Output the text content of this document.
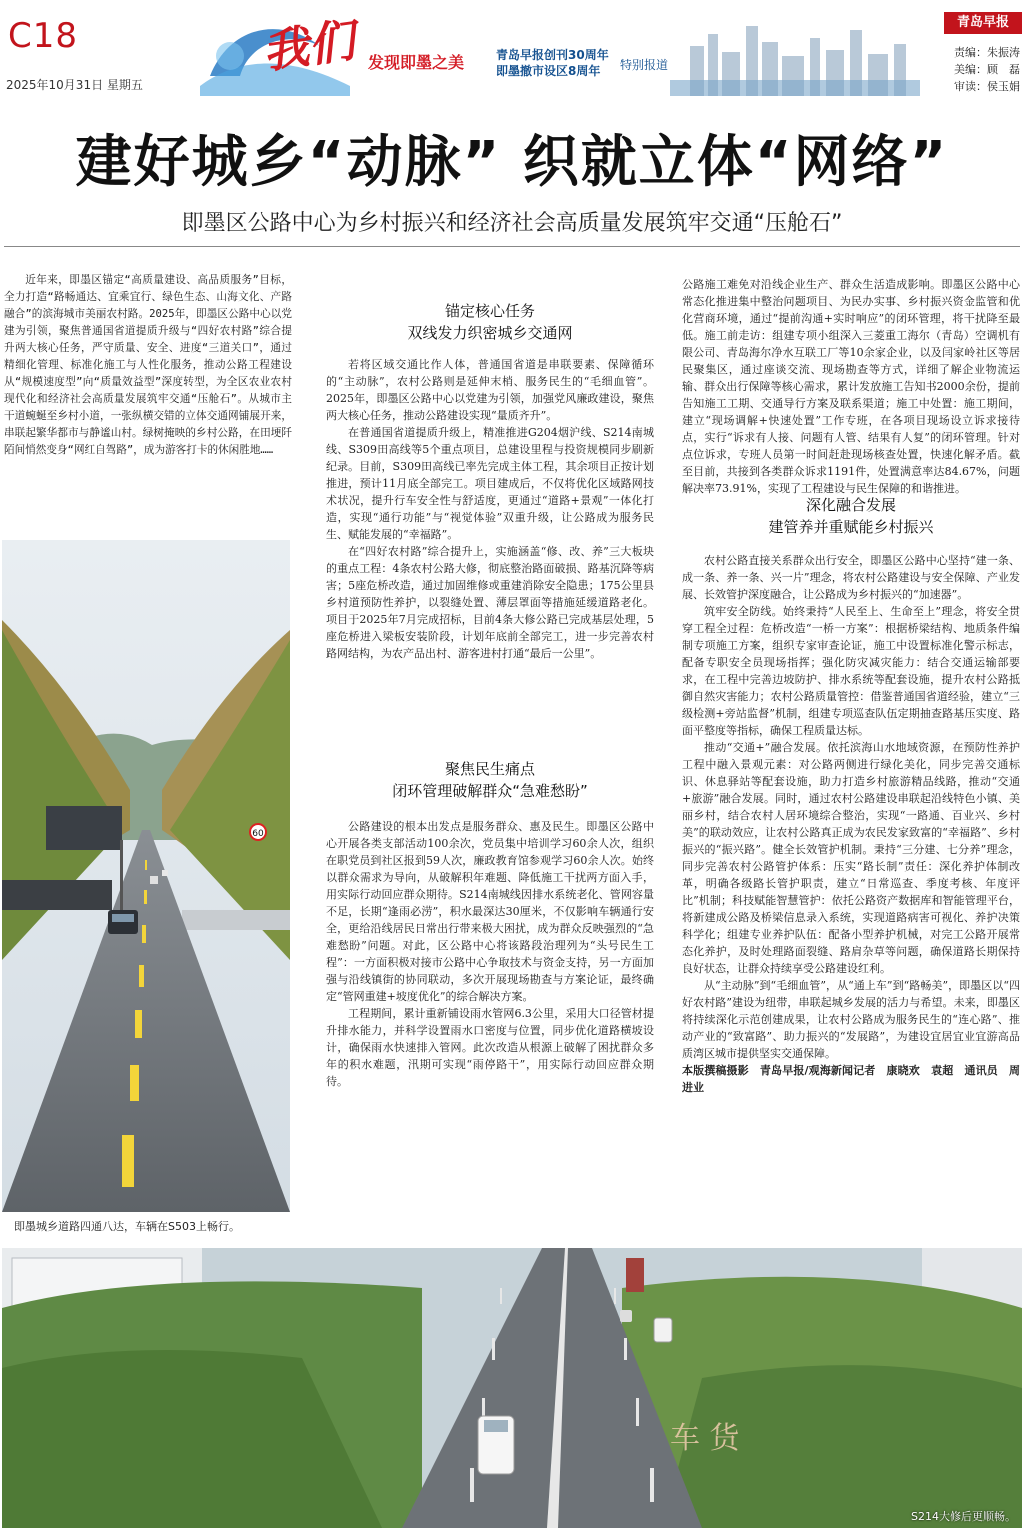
C18
2025年10月31日 星期五
我们 发现即墨之美	青岛早报创刊30周年
即墨撤市设区8周年 特别报道
青岛早报
责编：朱振涛
美编：顾　磊
审读：侯玉娟
建好城乡“动脉” 织就立体“网络”
即墨区公路中心为乡村振兴和经济社会高质量发展筑牢交通“压舱石”

近年来，即墨区锚定“高质量建设、高品质服务”目标，全力打造“路畅通达、宜乘宜行、绿色生态、山海文化、产路融合”的滨海城市美丽农村路。2025年，即墨区公路中心以党建为引领，聚焦普通国省道提质升级与“四好农村路”综合提升两大核心任务，严守质量、安全、进度“三道关口”，通过精细化管理、标准化施工与人性化服务，推动公路工程建设从“规模速度型”向“质量效益型”深度转型，为全区农业农村现代化和经济社会高质量发展筑牢交通“压舱石”。从城市主干道蜿蜒至乡村小道，一张纵横交错的立体交通网铺展开来，串联起繁华都市与静谧山村。绿树掩映的乡村公路，在田埂阡陌间悄然变身“网红自驾路”，成为游客打卡的休闲胜地……

60
即墨城乡道路四通八达，车辆在S503上畅行。
锚定核心任务
双线发力织密城乡交通网

若将区域交通比作人体，普通国省道是串联要素、保障循环的“主动脉”，农村公路则是延伸末梢、服务民生的“毛细血管”。2025年，即墨区公路中心以党建为引领，加强党风廉政建设，聚焦两大核心任务，推动公路建设实现“量质齐升”。

在普通国省道提质升级上，精准推进G204烟沪线、S214南城线、S309田高线等5个重点项目，总建设里程与投资规模同步刷新纪录。目前，S309田高线已率先完成主体工程，其余项目正按计划推进，预计11月底全部完工。项目建成后，不仅将优化区域路网技术状况，提升行车安全性与舒适度，更通过“道路+景观”一体化打造，实现“通行功能”与“视觉体验”双重升级，让公路成为服务民生、赋能发展的“幸福路”。

在“四好农村路”综合提升上，实施涵盖“修、改、养”三大板块的重点工程：4条农村公路大修，彻底整治路面破损、路基沉降等病害；5座危桥改造，通过加固维修或重建消除安全隐患；175公里县乡村道预防性养护，以裂缝处置、薄层罩面等措施延缓道路老化。项目于2025年7月完成招标，目前4条大修公路已完成基层处理，5座危桥进入梁板安装阶段，计划年底前全部完工，进一步完善农村路网结构，为农产品出村、游客进村打通“最后一公里”。

聚焦民生痛点
闭环管理破解群众“急难愁盼”

公路建设的根本出发点是服务群众、惠及民生。即墨区公路中心开展各类支部活动100余次，党员集中培训学习60余人次，组织在职党员到社区报到59人次，廉政教育馆参观学习60余人次。始终以群众需求为导向，从破解积年难题、降低施工干扰两方面入手，用实际行动回应群众期待。S214南城线因排水系统老化、管网容量不足，长期“逢雨必涝”，积水最深达30厘米，不仅影响车辆通行安全，更给沿线居民日常出行带来极大困扰，成为群众反映强烈的“急难愁盼”问题。对此，区公路中心将该路段治理列为“头号民生工程”：一方面积极对接市公路中心争取技术与资金支持，另一方面加强与沿线镇街的协同联动，多次开展现场勘查与方案论证，最终确定“管网重建+坡度优化”的综合解决方案。

工程期间，累计重新铺设雨水管网6.3公里，采用大口径管材提升排水能力，并科学设置雨水口密度与位置，同步优化道路横坡设计，确保雨水快速排入管网。此次改造从根源上破解了困扰群众多年的积水难题，汛期可实现“雨停路干”，用实际行动回应群众期待。

公路施工难免对沿线企业生产、群众生活造成影响。即墨区公路中心常态化推进集中整治问题项目、为民办实事、乡村振兴资金监管和优化营商环境，通过“提前沟通+实时响应”的闭环管理，将干扰降至最低。施工前走访：组建专项小组深入三菱重工海尔（青岛）空调机有限公司、青岛海尔净水互联工厂等10余家企业，以及闫家岭社区等居民聚集区，通过座谈交流、现场勘查等方式，详细了解企业物流运输、群众出行保障等核心需求，累计发放施工告知书2000余份，提前告知施工工期、交通导行方案及联系渠道；施工中处置：施工期间，建立“现场调解+快速处置”工作专班，在各项目现场设立诉求接待点，实行“诉求有人接、问题有人管、结果有人复”的闭环管理。针对点位诉求，专班人员第一时间赶赴现场核查处置，快速化解矛盾。截至目前，共接到各类群众诉求1191件，处置满意率达84.67%，问题解决率73.91%，实现了工程建设与民生保障的和谐推进。

深化融合发展
建管养并重赋能乡村振兴

农村公路直接关系群众出行安全，即墨区公路中心坚持“建一条、成一条、养一条、兴一片”理念，将农村公路建设与安全保障、产业发展、长效管护深度融合，让公路成为乡村振兴的“加速器”。

筑牢安全防线。始终秉持“人民至上、生命至上”理念，将安全贯穿工程全过程：危桥改造“一桥一方案”：根据桥梁结构、地质条件编制专项施工方案，组织专家审查论证，施工中设置标准化警示标志，配备专职安全员现场指挥；强化防灾减灾能力：结合交通运输部要求，在工程中完善边坡防护、排水系统等配套设施，提升农村公路抵御自然灾害能力；农村公路质量管控：借鉴普通国省道经验，建立“三级检测+旁站监督”机制，组建专项巡查队伍定期抽查路基压实度、路面平整度等指标，确保工程质量达标。

推动“交通+”融合发展。依托滨海山水地域资源，在预防性养护工程中融入景观元素：对公路两侧进行绿化美化，同步完善交通标识、休息驿站等配套设施，助力打造乡村旅游精品线路，推动“交通+旅游”融合发展。同时，通过农村公路建设串联起沿线特色小镇、美丽乡村，结合农村人居环境综合整治，实现“一路通、百业兴、乡村美”的联动效应，让农村公路真正成为农民发家致富的“幸福路”、乡村振兴的“振兴路”。健全长效管护机制。秉持“三分建、七分养”理念，同步完善农村公路管护体系：压实“路长制”责任：深化养护体制改革，明确各级路长管护职责，建立“日常巡查、季度考核、年度评比”机制；科技赋能智慧管护：依托公路资产数据库和智能管理平台，将新建成公路及桥梁信息录入系统，实现道路病害可视化、养护决策科学化；组建专业养护队伍：配备小型养护机械，对完工公路开展常态化养护，及时处理路面裂缝、路肩杂草等问题，确保道路长期保持良好状态，让群众持续享受公路建设红利。

从“主动脉”到“毛细血管”，从“通上车”到“路畅美”，即墨区以“四好农村路”建设为纽带，串联起城乡发展的活力与希望。未来，即墨区将持续深化示范创建成果，让农村公路成为服务民生的“连心路”、推动产业的“致富路”、助力振兴的“发展路”，为建设宜居宜业宜游高品质湾区城市提供坚实交通保障。

本版撰稿摄影　青岛早报/观海新闻记者　康晓欢　袁超　通讯员　周进业
车 货
S214大修后更顺畅。
